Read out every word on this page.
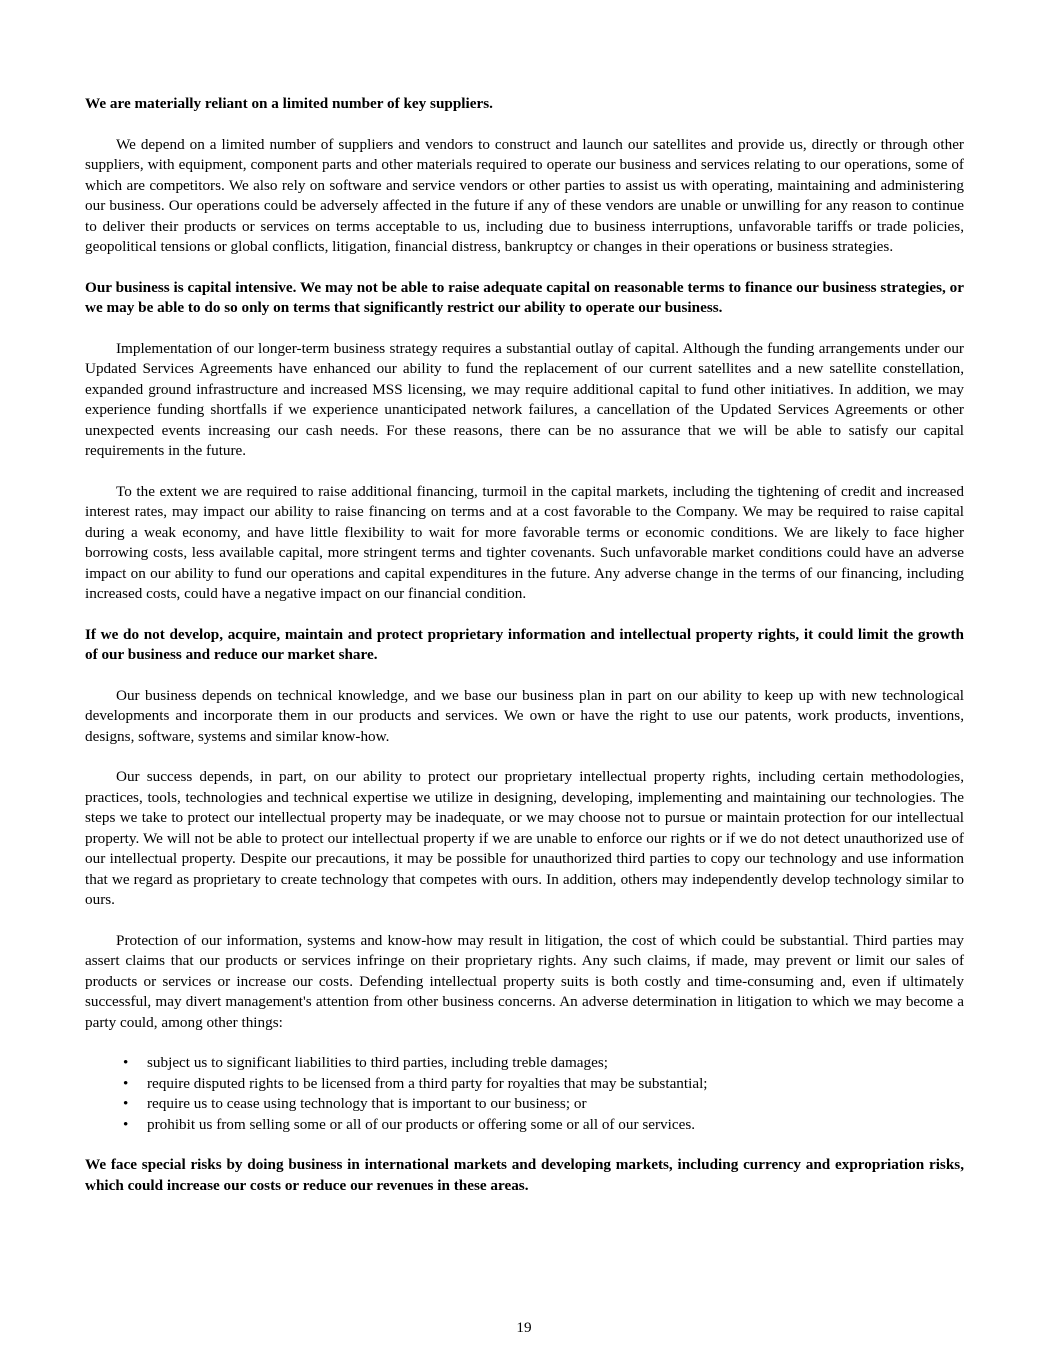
We are materially reliant on a limited number of key suppliers.

We depend on a limited number of suppliers and vendors to construct and launch our satellites and provide us, directly or through other suppliers, with equipment, component parts and other materials required to operate our business and services relating to our operations, some of which are competitors. We also rely on software and service vendors or other parties to assist us with operating, maintaining and administering our business. Our operations could be adversely affected in the future if any of these vendors are unable or unwilling for any reason to continue to deliver their products or services on terms acceptable to us, including due to business interruptions, unfavorable tariffs or trade policies, geopolitical tensions or global conflicts, litigation, financial distress, bankruptcy or changes in their operations or business strategies.

Our business is capital intensive. We may not be able to raise adequate capital on reasonable terms to finance our business strategies, or we may be able to do so only on terms that significantly restrict our ability to operate our business.

Implementation of our longer-term business strategy requires a substantial outlay of capital. Although the funding arrangements under our Updated Services Agreements have enhanced our ability to fund the replacement of our current satellites and a new satellite constellation, expanded ground infrastructure and increased MSS licensing, we may require additional capital to fund other initiatives. In addition, we may experience funding shortfalls if we experience unanticipated network failures, a cancellation of the Updated Services Agreements or other unexpected events increasing our cash needs. For these reasons, there can be no assurance that we will be able to satisfy our capital requirements in the future.

To the extent we are required to raise additional financing, turmoil in the capital markets, including the tightening of credit and increased interest rates, may impact our ability to raise financing on terms and at a cost favorable to the Company. We may be required to raise capital during a weak economy, and have little flexibility to wait for more favorable terms or economic conditions. We are likely to face higher borrowing costs, less available capital, more stringent terms and tighter covenants. Such unfavorable market conditions could have an adverse impact on our ability to fund our operations and capital expenditures in the future. Any adverse change in the terms of our financing, including increased costs, could have a negative impact on our financial condition.

If we do not develop, acquire, maintain and protect proprietary information and intellectual property rights, it could limit the growth of our business and reduce our market share.

Our business depends on technical knowledge, and we base our business plan in part on our ability to keep up with new technological developments and incorporate them in our products and services. We own or have the right to use our patents, work products, inventions, designs, software, systems and similar know-how.

Our success depends, in part, on our ability to protect our proprietary intellectual property rights, including certain methodologies, practices, tools, technologies and technical expertise we utilize in designing, developing, implementing and maintaining our technologies. The steps we take to protect our intellectual property may be inadequate, or we may choose not to pursue or maintain protection for our intellectual property. We will not be able to protect our intellectual property if we are unable to enforce our rights or if we do not detect unauthorized use of our intellectual property. Despite our precautions, it may be possible for unauthorized third parties to copy our technology and use information that we regard as proprietary to create technology that competes with ours. In addition, others may independently develop technology similar to ours.

Protection of our information, systems and know-how may result in litigation, the cost of which could be substantial. Third parties may assert claims that our products or services infringe on their proprietary rights. Any such claims, if made, may prevent or limit our sales of products or services or increase our costs. Defending intellectual property suits is both costly and time-consuming and, even if ultimately successful, may divert management's attention from other business concerns. An adverse determination in litigation to which we may become a party could, among other things:

• subject us to significant liabilities to third parties, including treble damages;
• require disputed rights to be licensed from a third party for royalties that may be substantial;
• require us to cease using technology that is important to our business; or
• prohibit us from selling some or all of our products or offering some or all of our services.
We face special risks by doing business in international markets and developing markets, including currency and expropriation risks, which could increase our costs or reduce our revenues in these areas.
19
